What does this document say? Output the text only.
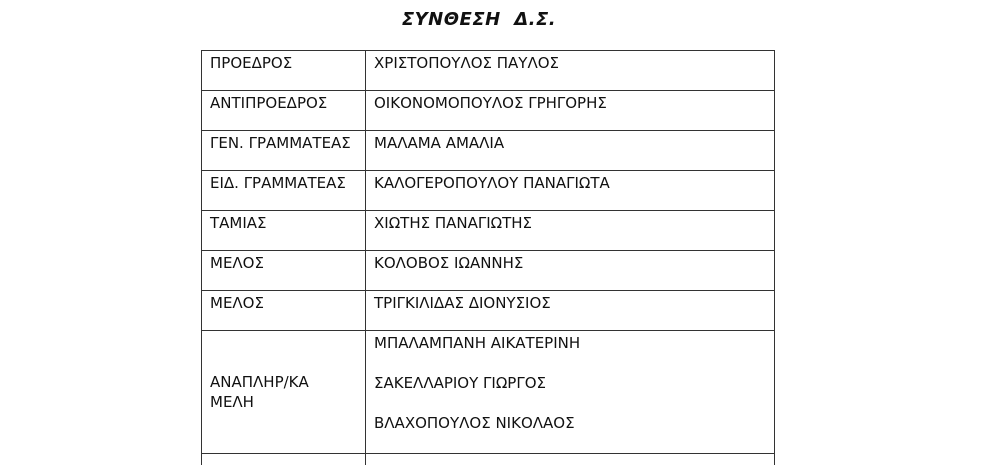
ΣΥΝΘΕΣΗ  Δ.Σ.
ΠΡΟΕΔΡΟΣ	ΧΡΙΣΤΟΠΟΥΛΟΣ ΠΑΥΛΟΣ
ΑΝΤΙΠΡΟΕΔΡΟΣ	ΟΙΚΟΝΟΜΟΠΟΥΛΟΣ ΓΡΗΓΟΡΗΣ
ΓΕΝ. ΓΡΑΜΜΑΤΕΑΣ	ΜΑΛΑΜΑ ΑΜΑΛΙΑ
ΕΙΔ. ΓΡΑΜΜΑΤΕΑΣ	ΚΑΛΟΓΕΡΟΠΟΥΛΟΥ ΠΑΝΑΓΙΩΤΑ
ΤΑΜΙΑΣ	ΧΙΩΤΗΣ ΠΑΝΑΓΙΩΤΗΣ
ΜΕΛΟΣ	ΚΟΛΟΒΟΣ ΙΩΑΝΝΗΣ
ΜΕΛΟΣ	ΤΡΙΓΚΙΛΙΔΑΣ ΔΙΟΝΥΣΙΟΣ

ΑΝΑΠΛΗΡ/ΚΑ
ΜΕΛΗ	ΜΠΑΛΑΜΠΑΝΗ ΑΙΚΑΤΕΡΙΝΗ
ΣΑΚΕΛΛΑΡΙΟΥ ΓΙΩΡΓΟΣ
ΒΛΑΧΟΠΟΥΛΟΣ ΝΙΚΟΛΑΟΣ
